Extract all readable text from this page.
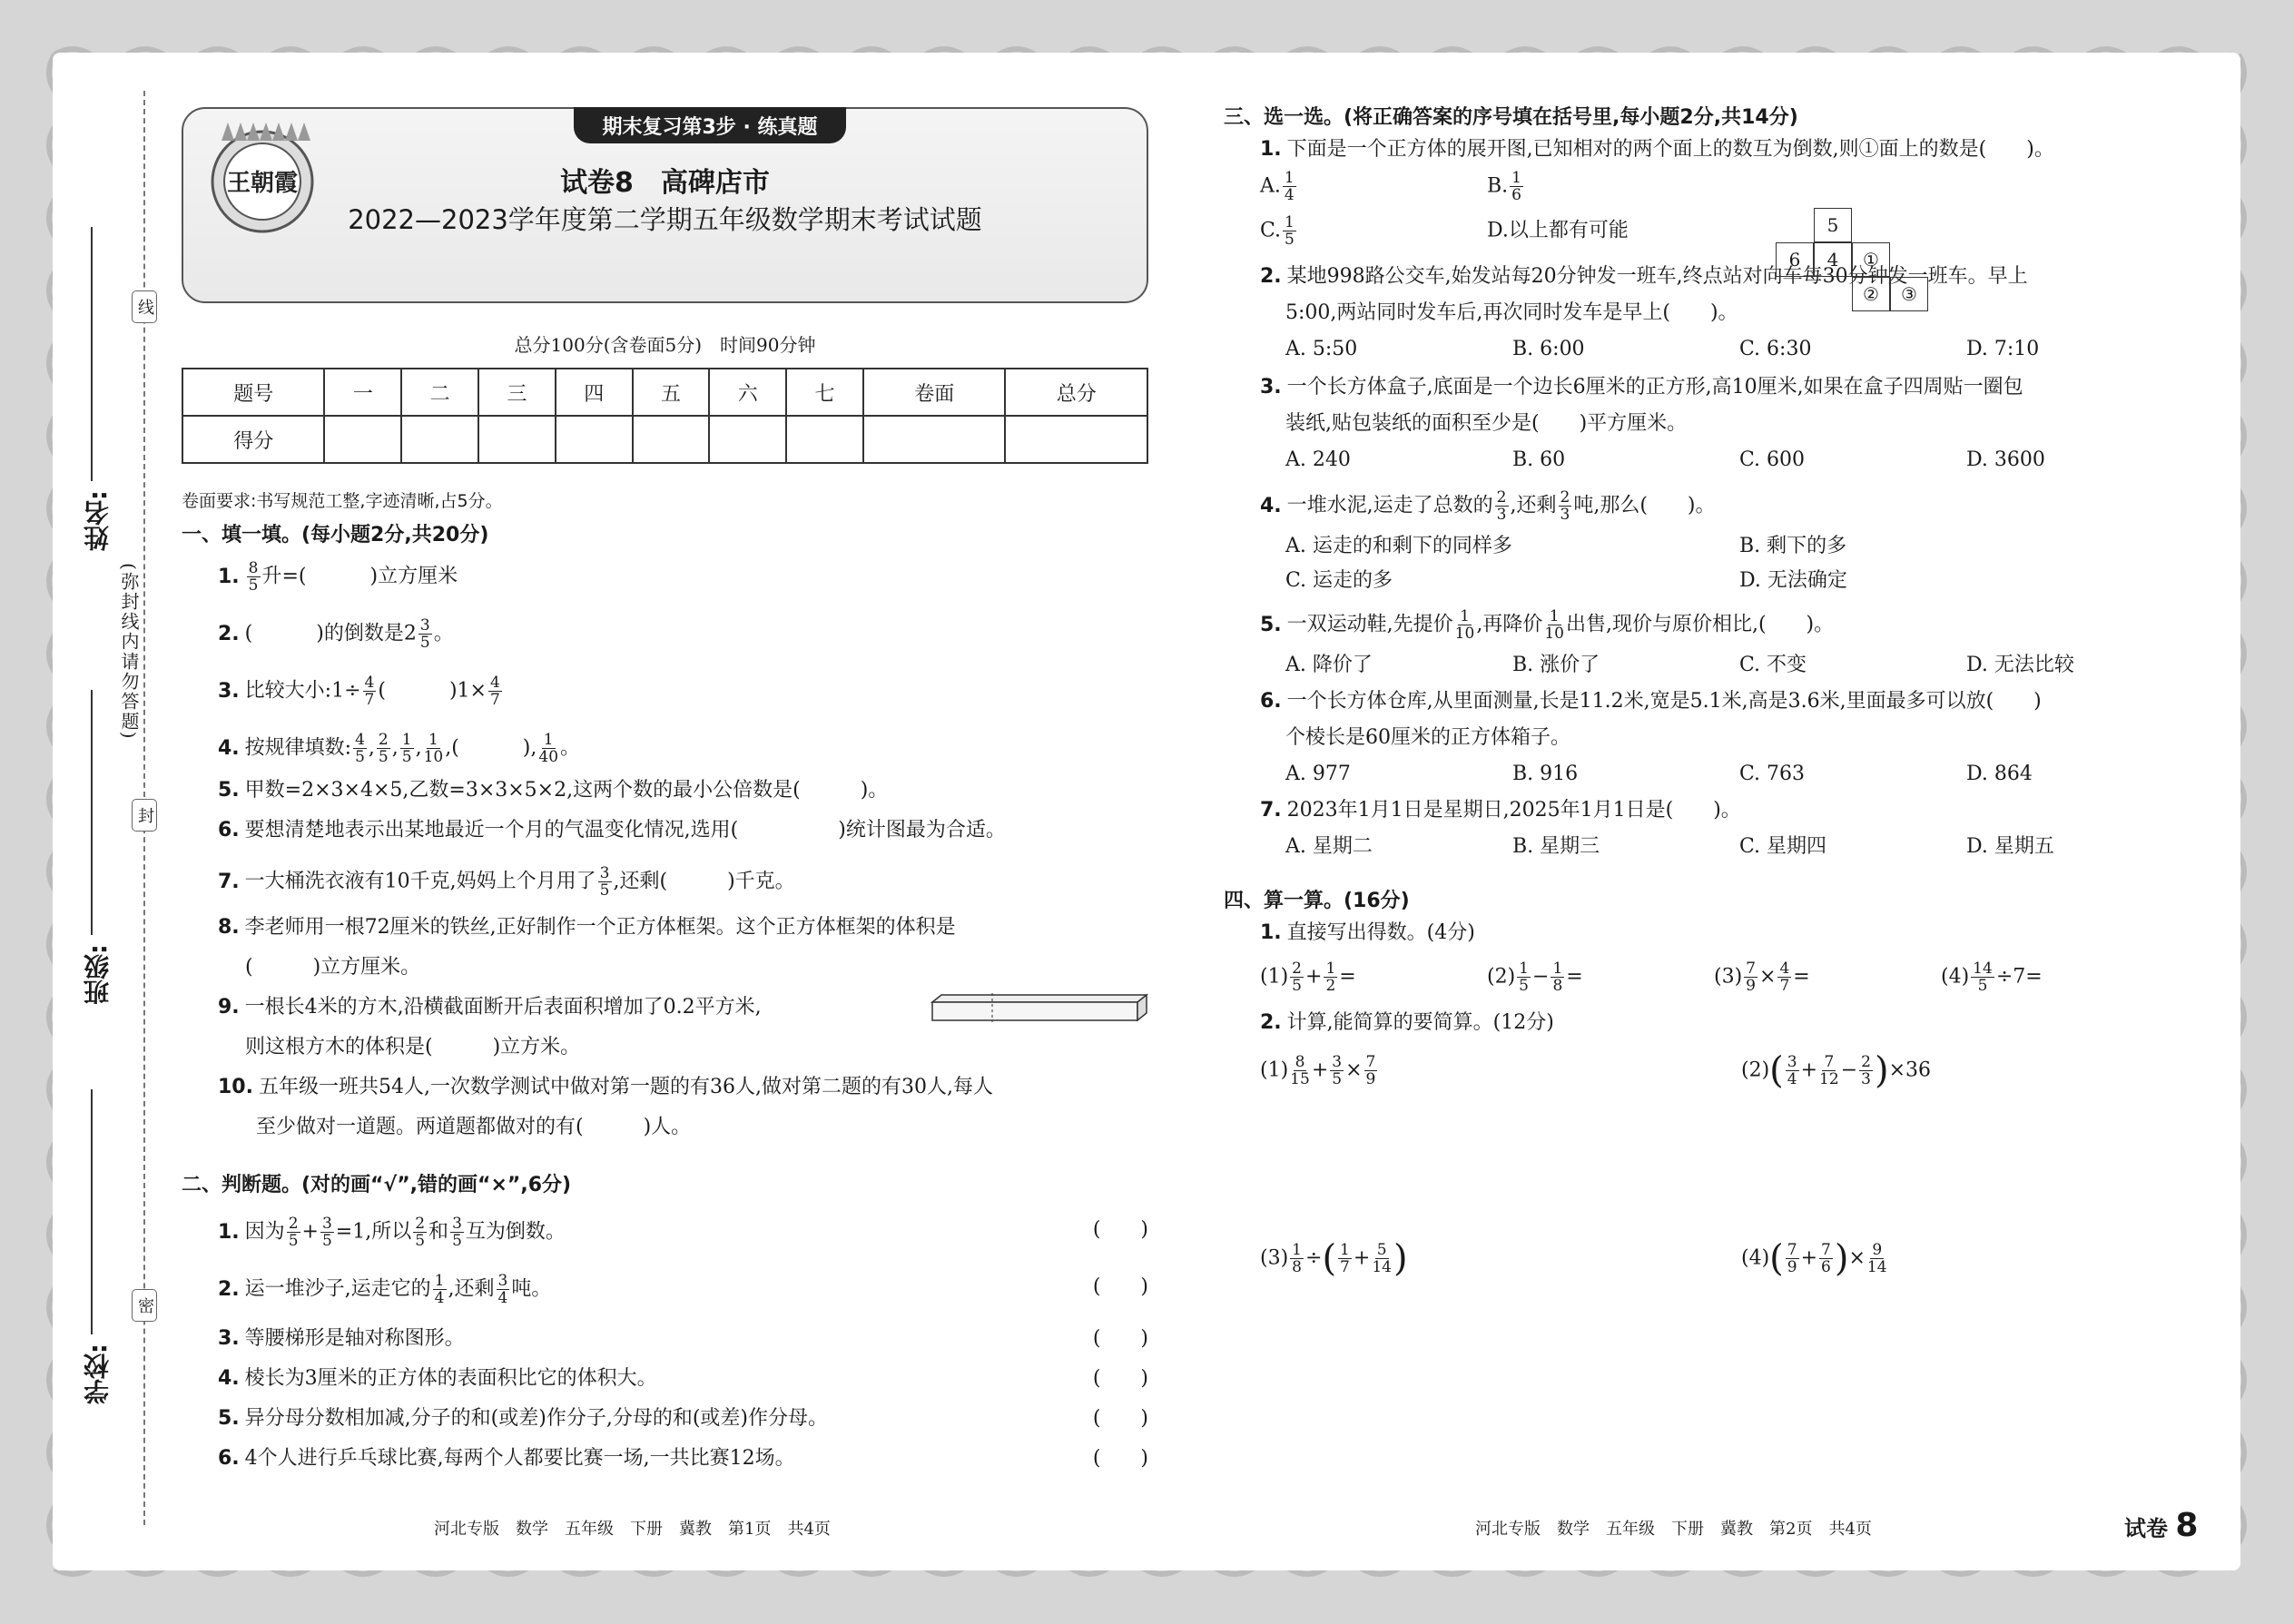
线
封
密
(弥封线内请勿答题)
姓名:
班级:
学校:
期末复习第3步 · 练真题
王朝霞	试卷8　高碑店市
2022—2023学年度第二学期五年级数学期末考试试题
总分100分(含卷面5分)　时间90分钟
题号	一	二	三	四	五	六	七	卷面	总分
得分									
卷面要求:书写规范工整,字迹清晰,占5分。
一、填一填。(每小题2分,共20分)
1. $\frac{8}{5}$ 升=(	)立方厘米
2. (	)的倒数是$2 \frac{3}{5}$ 。
3. 比较大小:1÷ $\frac{4}{7}$ (	)$1\times \frac{4}{7}$
4. 按规律填数: $\frac{4}{5}$ , $\frac{2}{5}$ , $\frac{1}{5}$ , $\frac{1}{10}$ ,(	), $\frac{1}{40}$ 。
5. 甲数=2×3×4×5,乙数=3×3×5×2,这两个数的最小公倍数是(　　　)。
6. 要想清楚地表示出某地最近一个月的气温变化情况,选用(　　　　　)统计图最为合适。
7. 一大桶洗衣液有10千克,妈妈上个月用了 $\frac{3}{5}$ ,还剩(　　　)千克。
8. 李老师用一根72厘米的铁丝,正好制作一个正方体框架。这个正方体框架的体积是
(　　　)立方厘米。
9. 一根长4米的方木,沿横截面断开后表面积增加了0.2平方米,
则这根方木的体积是(　　　)立方米。
10. 五年级一班共54人,一次数学测试中做对第一题的有36人,做对第二题的有30人,每人
至少做对一道题。两道题都做对的有(　　　)人。
二、判断题。(对的画“√”,错的画“×”,6分)
1. 因为 $\frac{2}{5} + \frac{3}{5} =1$,所以 $\frac{2}{5}$ 和 $\frac{3}{5}$ 互为倒数。	(　　)
2. 运一堆沙子,运走它的 $\frac{1}{4}$ ,还剩 $\frac{3}{4}$ 吨。	(　　)
3. 等腰梯形是轴对称图形。	(　　)
4. 棱长为3厘米的正方体的表面积比它的体积大。	(　　)
5. 异分母分数相加减,分子的和(或差)作分子,分母的和(或差)作分母。	(　　)
6. 4个人进行乒乓球比赛,每两个人都要比赛一场,一共比赛12场。	(　　)
三、选一选。(将正确答案的序号填在括号里,每小题2分,共14分)
1. 下面是一个正方体的展开图,已知相对的两个面上的数互为倒数,则①面上的数是(　　)。
A. $\frac{1}{4}$	B. $\frac{1}{6}$
C. $\frac{1}{5}$	D.以上都有可能	5
6	4	①
②	③
2. 某地998路公交车,始发站每20分钟发一班车,终点站对向车每30分钟发一班车。早上
5:00,两站同时发车后,再次同时发车是早上(　　)。
A. 5:50	B. 6:00	C. 6:30	D. 7:10
3. 一个长方体盒子,底面是一个边长6厘米的正方形,高10厘米,如果在盒子四周贴一圈包
装纸,贴包装纸的面积至少是(　　)平方厘米。
A. 240	B. 60	C. 600	D. 3600
4. 一堆水泥,运走了总数的 $\frac{2}{3}$ ,还剩 $\frac{2}{3}$ 吨,那么(　　)。
A. 运走的和剩下的同样多	B. 剩下的多
C. 运走的多	D. 无法确定
5. 一双运动鞋,先提价 $\frac{1}{10}$ ,再降价 $\frac{1}{10}$ 出售,现价与原价相比,(　　)。
A. 降价了	B. 涨价了	C. 不变	D. 无法比较
6. 一个长方体仓库,从里面测量,长是11.2米,宽是5.1米,高是3.6米,里面最多可以放(　　)
个棱长是60厘米的正方体箱子。
A. 977	B. 916	C. 763	D. 864
7. 2023年1月1日是星期日,2025年1月1日是(　　)。
A. 星期二	B. 星期三	C. 星期四	D. 星期五
四、算一算。(16分)
1. 直接写出得数。(4分)
$(1) \frac{2}{5} + \frac{1}{2}$ =	$(2) \frac{1}{5} - \frac{1}{8}$ =	$(3) \frac{7}{9} \times \frac{4}{7}$ =	$(4) \frac{14}{5} \div 7=$
2. 计算,能简算的要简算。(12分)
$(1) \frac{8}{15} + \frac{3}{5} \times \frac{7}{9}$	$(2)( \frac{3}{4} + \frac{7}{12} - \frac{2}{3} )\times 36$
$(3) \frac{1}{8}$ ÷( $\frac{1}{7} + \frac{5}{14}$ )	$(4)( \frac{7}{9} + \frac{7}{6}$ )× $\frac{9}{14}$
河北专版　数学　五年级　下册　冀教　第1页　共4页	河北专版　数学　五年级　下册　冀教　第2页　共4页	试卷 8
